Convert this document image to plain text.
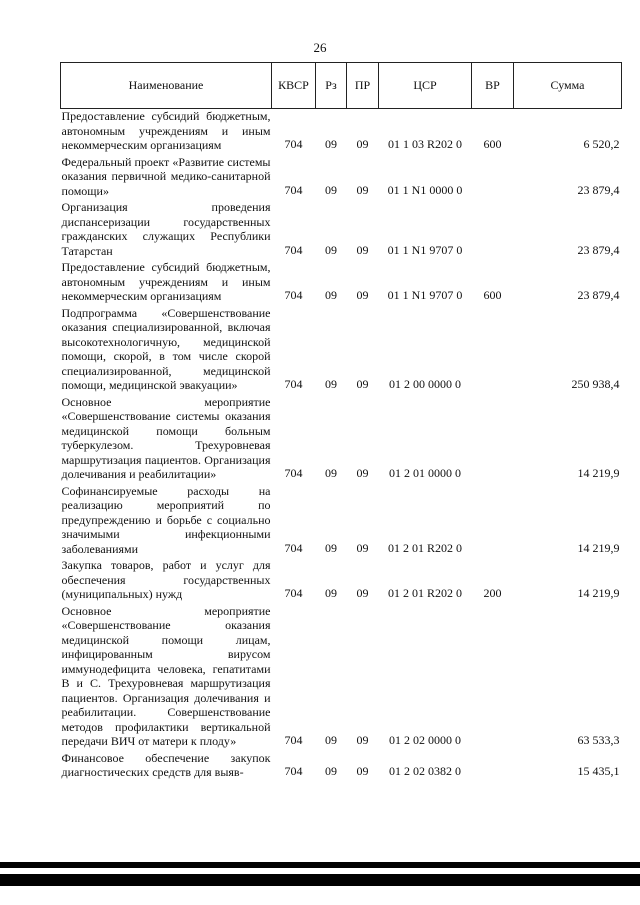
26
Наименование	КВСР	Рз	ПР	ЦСР	ВР	Сумма
Предоставление субсидий бюджетным, автономным учреждениям и иным некоммерческим организациям	704	09	09	01 1 03 R202 0	600	6 520,2
Федеральный проект «Развитие системы оказания первичной медико-санитарной помощи»	704	09	09	01 1 N1 0000 0		23 879,4
Организация проведения диспансеризации государственных гражданских служащих Республики Татарстан	704	09	09	01 1 N1 9707 0		23 879,4
Предоставление субсидий бюджетным, автономным учреждениям и иным некоммерческим организациям	704	09	09	01 1 N1 9707 0	600	23 879,4
Подпрограмма «Совершенствование оказания специализированной, включая высокотехнологичную, медицинской помощи, скорой, в том числе скорой специализированной, медицинской помощи, медицинской эвакуации»	704	09	09	01 2 00 0000 0		250 938,4
Основное мероприятие «Совершенствование системы оказания медицинской помощи больным туберкулезом. Трехуровневая маршрутизация пациентов. Организация долечивания и реабилитации»	704	09	09	01 2 01 0000 0		14 219,9
Софинансируемые расходы на реализацию мероприятий по предупреждению и борьбе с социально значимыми инфекционными заболеваниями	704	09	09	01 2 01 R202 0		14 219,9
Закупка товаров, работ и услуг для обеспечения государственных (муниципальных) нужд	704	09	09	01 2 01 R202 0	200	14 219,9
Основное мероприятие «Совершенствование оказания медицинской помощи лицам, инфицированным вирусом иммунодефицита человека, гепатитами В и С. Трехуровневая маршрутизация пациентов. Организация долечивания и реабилитации. Совершенствование методов профилактики вертикальной передачи ВИЧ от матери к плоду»	704	09	09	01 2 02 0000 0		63 533,3
Финансовое обеспечение закупок диагностических средств для выяв-	704	09	09	01 2 02 0382 0		15 435,1
